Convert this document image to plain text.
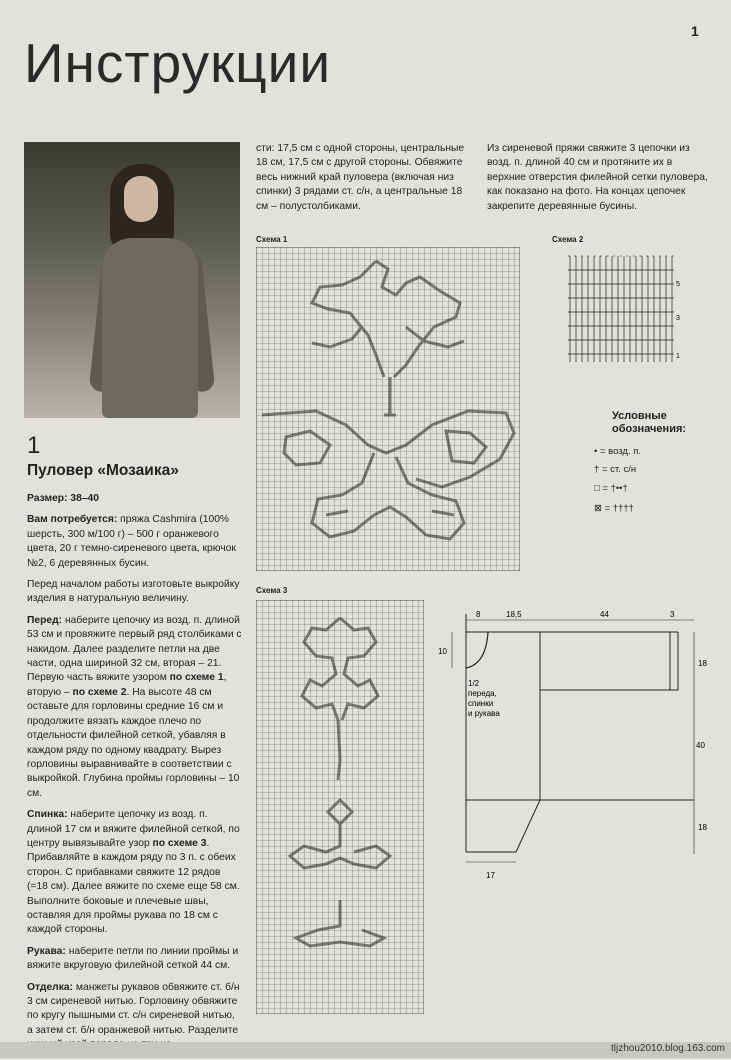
1
Инструкции
1
Пуловер «Мозаика»

Размер: 38–40

Вам потребуется: пряжа Cashmira (100% шерсть, 300 м/100 г) – 500 г оранжевого цвета, 20 г темно-сиреневого цвета, крючок №2, 6 деревянных бусин.

Перед началом работы изготовьте выкройку изделия в натуральную величину.

Перед: наберите цепочку из возд. п. длиной 53 см и провяжите первый ряд столбиками с накидом. Далее разделите петли на две части, одна шириной 32 см, вторая – 21. Первую часть вяжите узором по схеме 1, вторую – по схеме 2. На высоте 48 см оставьте для горловины средние 16 см и продолжите вязать каждое плечо по отдельности филейной сеткой, убавляя в каждом ряду по одному квадрату. Вырез горловины выравнивайте в соответствии с выкройкой. Глубина проймы горловины – 10 см.

Спинка: наберите цепочку из возд. п. длиной 17 см и вяжите филейной сеткой, по центру вывязывайте узор по схеме 3. Прибавляйте в каждом ряду по 3 п. с обеих сторон. С прибавками свяжите 12 рядов (=18 см). Далее вяжите по схеме еще 58 см. Выполните боковые и плечевые швы, оставляя для проймы рукава по 18 см с каждой стороны.

Рукава: наберите петли по линии проймы и вяжите вкруговую филейной сеткой 44 см.

Отделка: манжеты рукавов обвяжите ст. б/н 3 см сиреневой нитью. Горловину обвяжите по кругу пышными ст. с/н сиреневой нитью, а затем ст. б/н оранжевой нитью. Разделите

сти: 17,5 см с одной стороны, центральные 18 см, 17,5 см с другой стороны. Обвяжите весь нижний край пуловера (включая низ спинки) 3 рядами ст. с/н, а центральные 18 см – полустолбиками.

Из сиреневой пряжи свяжите 3 цепочки из возд. п. длиной 40 см и протяните их в верхние отверстия филейной сетки пуловера, как показано на фото. На концах цепочек закрепите деревянные бусины.

Схема 1	Схема 2
5
3
1
Условные
обозначения:
• = возд. п.
† = ст. с/н
□ = †••†
⊠ = ††††
Схема 3
8	18,5	44	3
10
18
40
18
17
1/2
переда,
спинки
и рукава
tljzhou2010.blog.163.com
